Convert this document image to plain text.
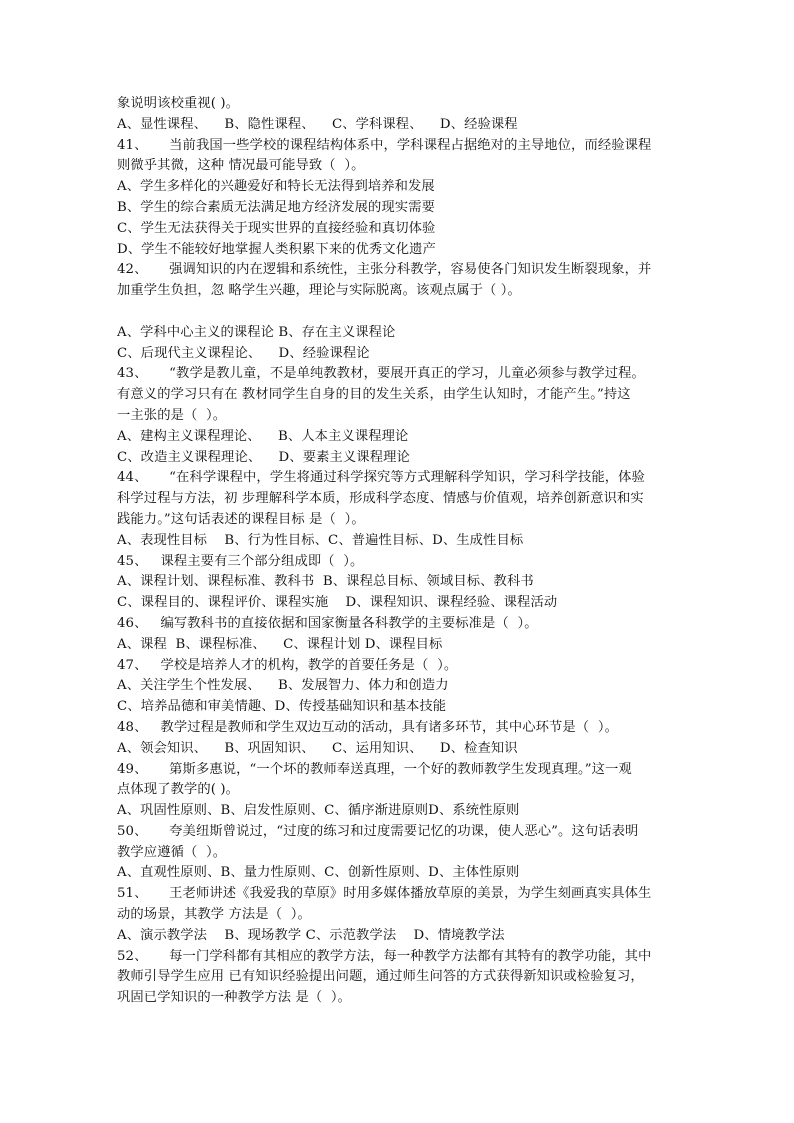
象说明该校重视( )。
A、显性课程、    B、隐性课程、    C、学科课程、    D、经验课程
41、     当前我国一些学校的课程结构体系中，学科课程占据绝对的主导地位，而经验课程
则微乎其微，这种 情况最可能导致（  ）。
A、学生多样化的兴趣爱好和特长无法得到培养和发展
B、学生的综合素质无法满足地方经济发展的现实需要
C、学生无法获得关于现实世界的直接经验和真切体验
D、学生不能较好地掌握人类积累下来的优秀文化遗产
42、     强调知识的内在逻辑和系统性，主张分科教学，容易使各门知识发生断裂现象，并
加重学生负担，忽 略学生兴趣，理论与实际脱离。该观点属于（ ）。
A、学科中心主义的课程论 B、存在主义课程论
C、后现代主义课程论、    D、经验课程论
43、     “教学是教儿童，不是单纯教教材，要展开真正的学习，儿童必须参与教学过程。
有意义的学习只有在 教材同学生自身的目的发生关系，由学生认知时，才能产生。”持这
一主张的是（  ）。
A、建构主义课程理论、    B、人本主义课程理论
C、改造主义课程理论、    D、要素主义课程理论
44、     “在科学课程中，学生将通过科学探究等方式理解科学知识，学习科学技能，体验
科学过程与方法，初 步理解科学本质，形成科学态度、情感与价值观，培养创新意识和实
践能力。”这句话表述的课程目标 是（  ）。
A、表现性目标    B、行为性目标、C、普遍性目标、D、生成性目标
45、   课程主要有三个部分组成即（  ）。
A、课程计划、课程标准、教科书  B、课程总目标、领域目标、教科书
C、课程目的、课程评价、课程实施    D、课程知识、课程经验、课程活动
46、   编写教科书的直接依据和国家衡量各科教学的主要标准是（  ）。
A、课程  B、课程标准、    C、课程计划 D、课程目标
47、   学校是培养人才的机构，教学的首要任务是（  ）。
A、关注学生个性发展、    B、发展智力、体力和创造力
C、培养品德和审美情趣、D、传授基础知识和基本技能
48、   教学过程是教师和学生双边互动的活动，具有诸多环节，其中心环节是（  ）。
A、领会知识、    B、巩固知识、    C、运用知识、    D、检查知识
49、     第斯多惠说，“一个坏的教师奉送真理，一个好的教师教学生发现真理。”这一观
点体现了教学的( )。
A、巩固性原则、B、启发性原则、C、循序渐进原则D、系统性原则
50、     夸美纽斯曾说过，“过度的练习和过度需要记忆的功课，使人恶心”。这句话表明
教学应遵循（  ）。
A、直观性原则、B、量力性原则、C、创新性原则、D、主体性原则
51、     王老师讲述《我爱我的草原》时用多媒体播放草原的美景，为学生刻画真实具体生
动的场景，其教学 方法是（  ）。
A、演示教学法    B、现场教学 C、示范教学法    D、情境教学法
52、     每一门学科都有其相应的教学方法，每一种教学方法都有其特有的教学功能，其中
教师引导学生应用 已有知识经验提出问题，通过师生问答的方式获得新知识或检验复习，
巩固已学知识的一种教学方法 是（  ）。
